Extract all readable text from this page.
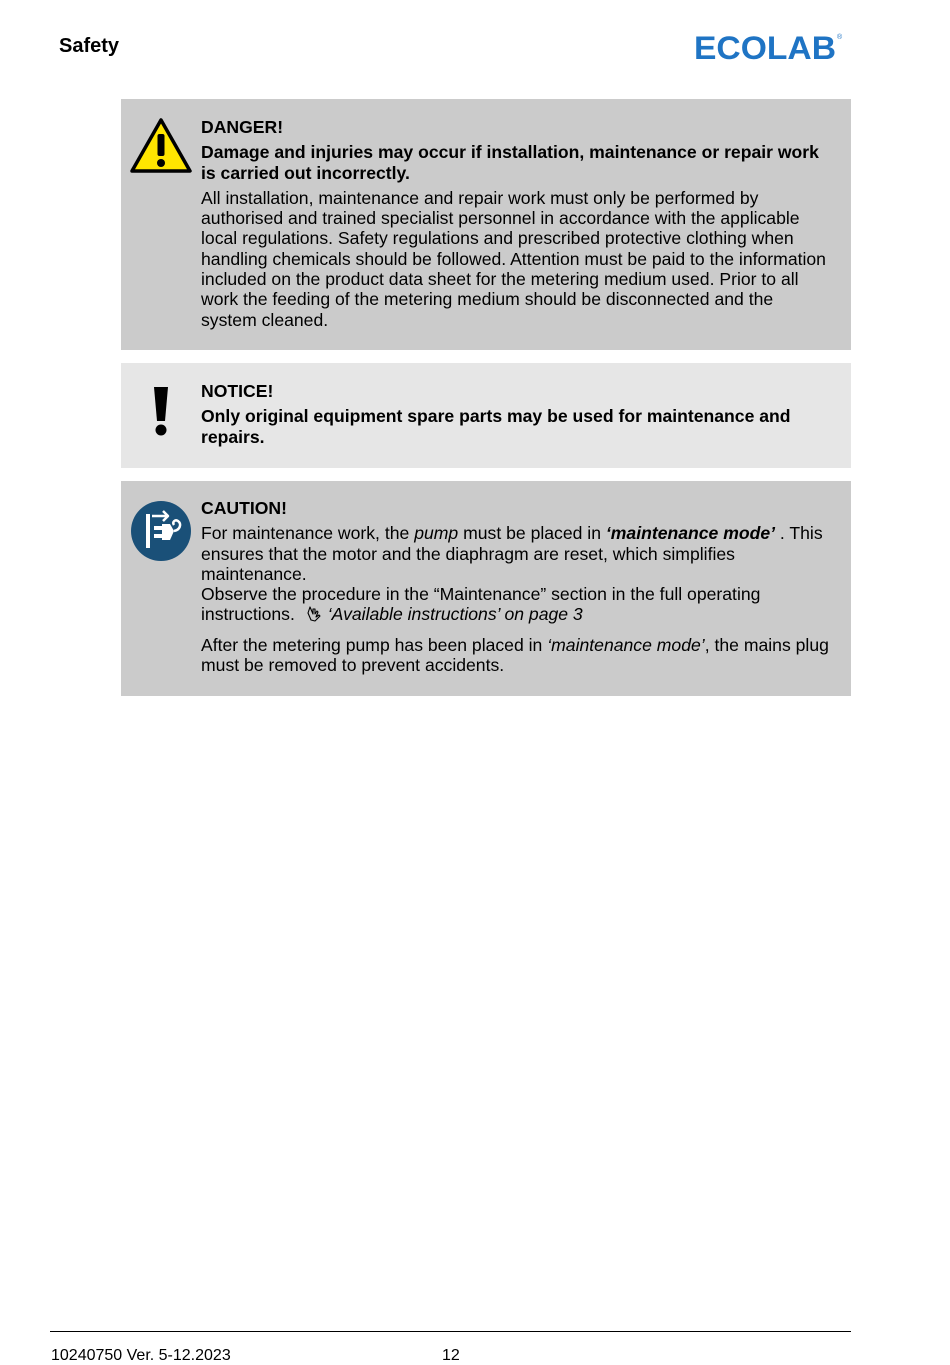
Safety	ECOLAB ®
DANGER!
Damage and injuries may occur if installation, maintenance or repair work is carried out incorrectly.
All installation, maintenance and repair work must only be performed by authorised and trained specialist personnel in accordance with the applicable local regulations. Safety regulations and prescribed protective clothing when handling chemicals should be followed. Attention must be paid to the information included on the product data sheet for the metering medium used. Prior to all work the feeding of the metering medium should be disconnected and the system cleaned.
NOTICE!
Only original equipment spare parts may be used for maintenance and repairs.
CAUTION!
For maintenance work, the pump must be placed in ‘maintenance mode’ . This ensures that the motor and the diaphragm are reset, which simplifies maintenance.
Observe the procedure in the “Maintenance” section in the full operating instructions. ‘Available instructions’ on page 3
After the metering pump has been placed in ‘maintenance mode’, the mains plug must be removed to prevent accidents.
10240750 Ver. 5-12.2023	12
